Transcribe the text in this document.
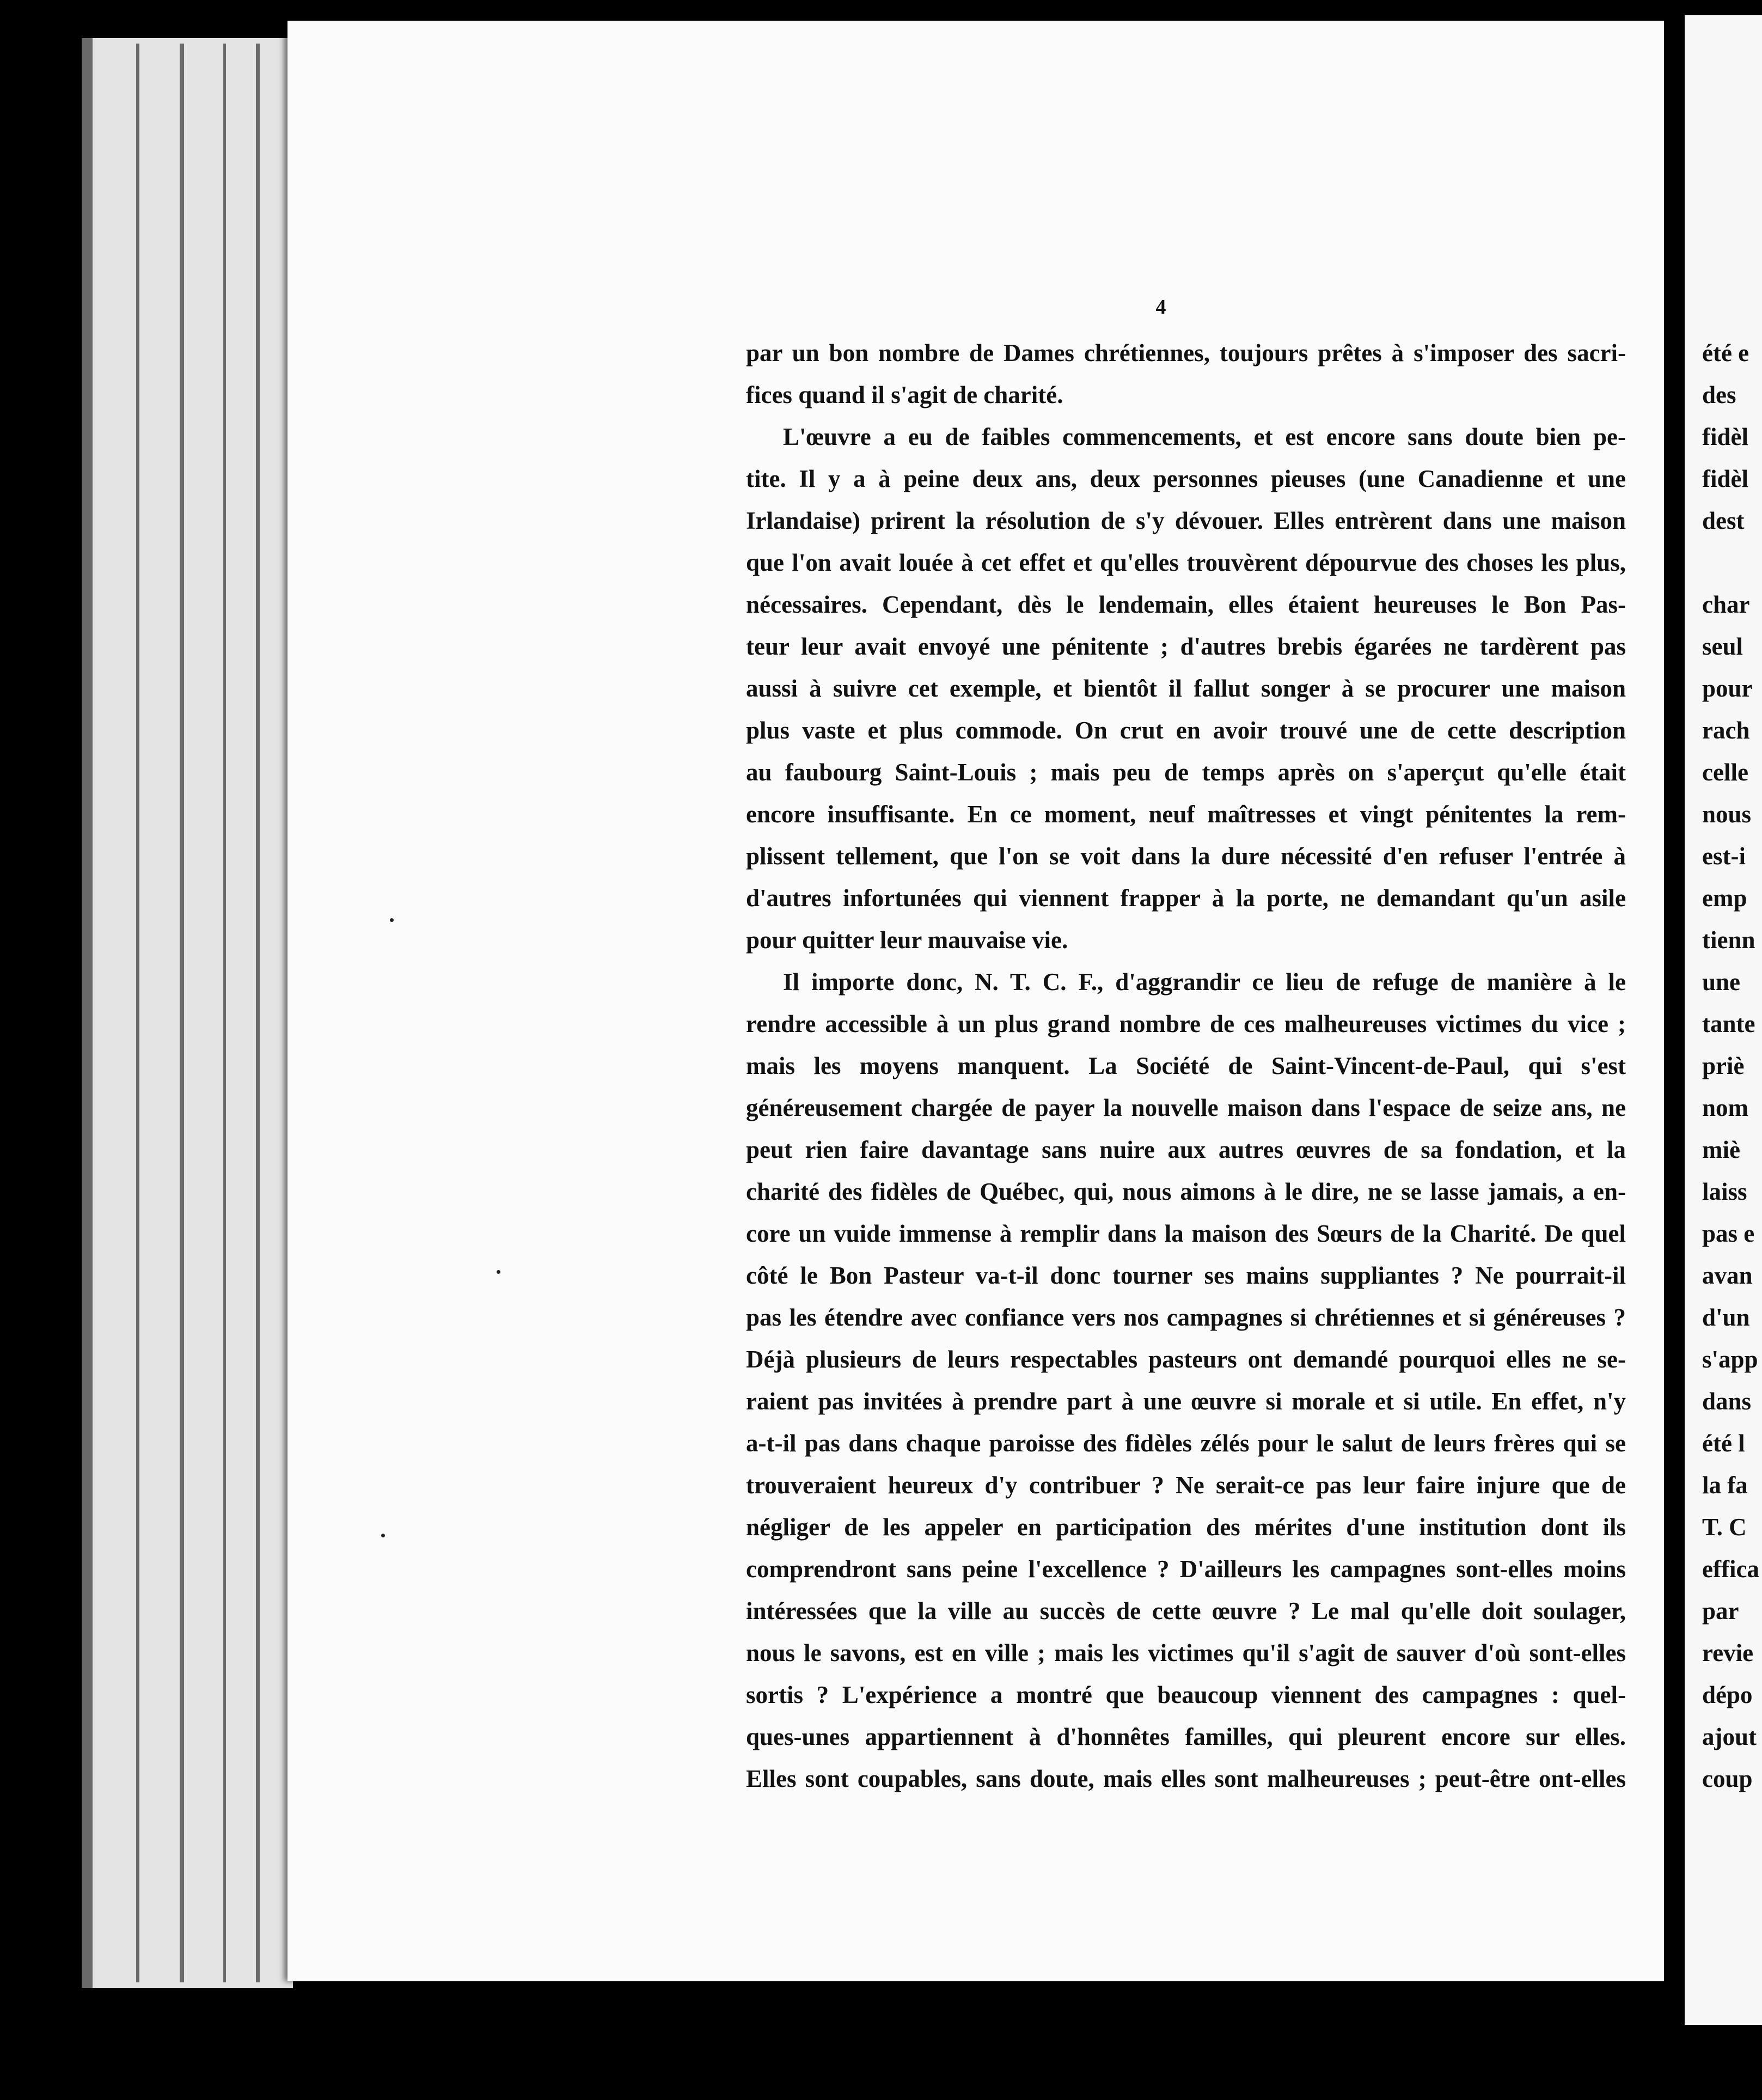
4

par un bon nombre de Dames chrétiennes, toujours prêtes à s'imposer des sacri-

fices quand il s'agit de charité.

L'œuvre a eu de faibles commencements, et est encore sans doute bien pe-

tite. Il y a à peine deux ans, deux personnes pieuses (une Canadienne et une

Irlandaise) prirent la résolution de s'y dévouer. Elles entrèrent dans une maison

que l'on avait louée à cet effet et qu'elles trouvèrent dépourvue des choses les plus,

nécessaires. Cependant, dès le lendemain, elles étaient heureuses le Bon Pas-

teur leur avait envoyé une pénitente ; d'autres brebis égarées ne tardèrent pas

aussi à suivre cet exemple, et bientôt il fallut songer à se procurer une maison

plus vaste et plus commode. On crut en avoir trouvé une de cette description

au faubourg Saint-Louis ; mais peu de temps après on s'aperçut qu'elle était

encore insuffisante. En ce moment, neuf maîtresses et vingt pénitentes la rem-

plissent tellement, que l'on se voit dans la dure nécessité d'en refuser l'entrée à

d'autres infortunées qui viennent frapper à la porte, ne demandant qu'un asile

pour quitter leur mauvaise vie.

Il importe donc, N. T. C. F., d'aggrandir ce lieu de refuge de manière à le

rendre accessible à un plus grand nombre de ces malheureuses victimes du vice ;

mais les moyens manquent. La Société de Saint-Vincent-de-Paul, qui s'est

généreusement chargée de payer la nouvelle maison dans l'espace de seize ans, ne

peut rien faire davantage sans nuire aux autres œuvres de sa fondation, et la

charité des fidèles de Québec, qui, nous aimons à le dire, ne se lasse jamais, a en-

core un vuide immense à remplir dans la maison des Sœurs de la Charité. De quel

côté le Bon Pasteur va-t-il donc tourner ses mains suppliantes ? Ne pourrait-il

pas les étendre avec confiance vers nos campagnes si chrétiennes et si généreuses ?

Déjà plusieurs de leurs respectables pasteurs ont demandé pourquoi elles ne se-

raient pas invitées à prendre part à une œuvre si morale et si utile. En effet, n'y

a-t-il pas dans chaque paroisse des fidèles zélés pour le salut de leurs frères qui se

trouveraient heureux d'y contribuer ? Ne serait-ce pas leur faire injure que de

négliger de les appeler en participation des mérites d'une institution dont ils

comprendront sans peine l'excellence ? D'ailleurs les campagnes sont-elles moins

intéressées que la ville au succès de cette œuvre ? Le mal qu'elle doit soulager,

nous le savons, est en ville ; mais les victimes qu'il s'agit de sauver d'où sont-elles

sortis ? L'expérience a montré que beaucoup viennent des campagnes : quel-

ques-unes appartiennent à d'honnêtes familles, qui pleurent encore sur elles.

Elles sont coupables, sans doute, mais elles sont malheureuses ; peut-être ont-elles

été e
des
fidèl
fidèl
dest

char
seul
pour
rach
celle
nous
est-i
emp
tienn
une
tante
priè
nom
miè
laiss
pas e
avan
d'un
s'app
dans
été l
la fa
T. C
effica
par
revie
dépo
ajout
coup
